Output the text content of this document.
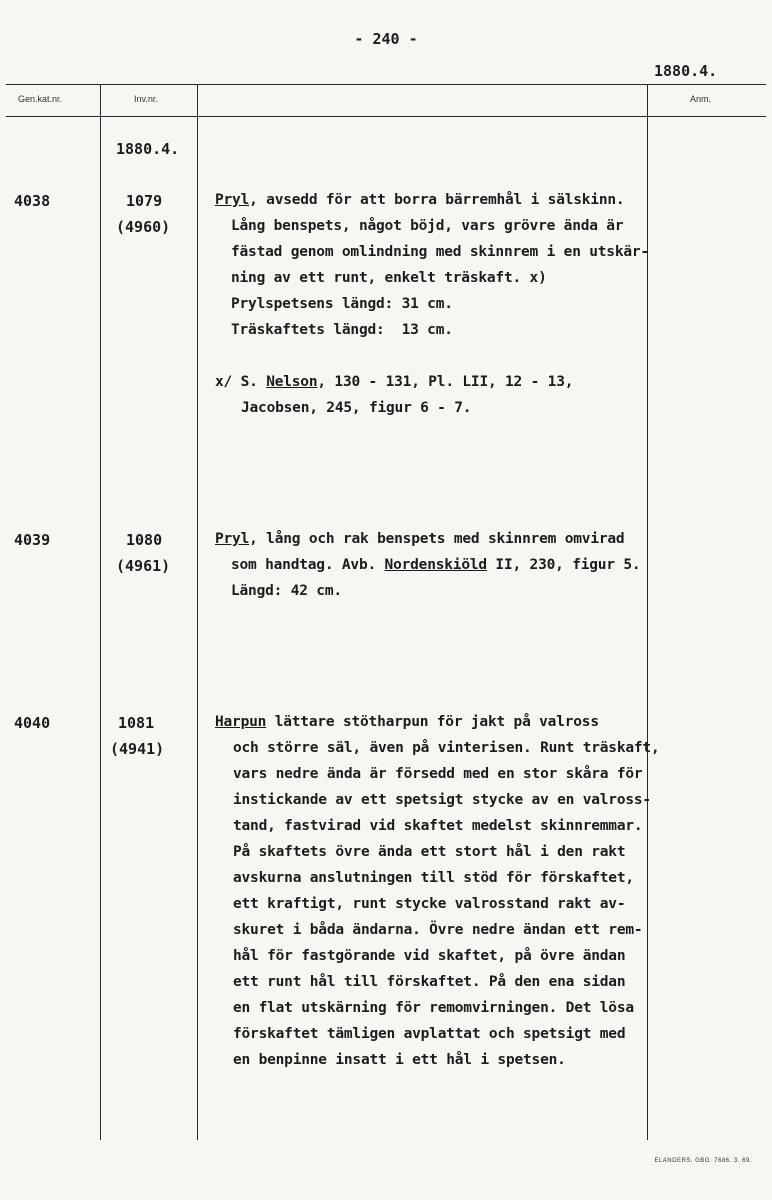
- 240 -
1880.4.
Gen.kat.nr.	Inv.nr.	Anm.
1880.4.
4038	1079
(4960)
Pryl, avsedd för att borra bärremhål i sälskinn.
Lång benspets, något böjd, vars grövre ända är
fästad genom omlindning med skinnrem i en utskär-
ning av ett runt, enkelt träskaft. x)
Prylspetsens längd: 31 cm.
Träskaftets längd:  13 cm.
x/ S. Nelson, 130 - 131, Pl. LII, 12 - 13,
Jacobsen, 245, figur 6 - 7.
4039	1080
(4961)
Pryl, lång och rak benspets med skinnrem omvirad
som handtag. Avb. Nordenskiöld II, 230, figur 5.
Längd: 42 cm.
4040	1081
(4941)
Harpun lättare stötharpun för jakt på valross
och större säl, även på vinterisen. Runt träskaft,
vars nedre ända är försedd med en stor skåra för
instickande av ett spetsigt stycke av en valross-
tand, fastvirad vid skaftet medelst skinnremmar.
På skaftets övre ända ett stort hål i den rakt
avskurna anslutningen till stöd för förskaftet,
ett kraftigt, runt stycke valrosstand rakt av-
skuret i båda ändarna. Övre nedre ändan ett rem-
hål för fastgörande vid skaftet, på övre ändan
ett runt hål till förskaftet. På den ena sidan
en flat utskärning för remomvirningen. Det lösa
förskaftet tämligen avplattat och spetsigt med
en benpinne insatt i ett hål i spetsen.
ELANDERS. GBG. 7686. 3. 69.
